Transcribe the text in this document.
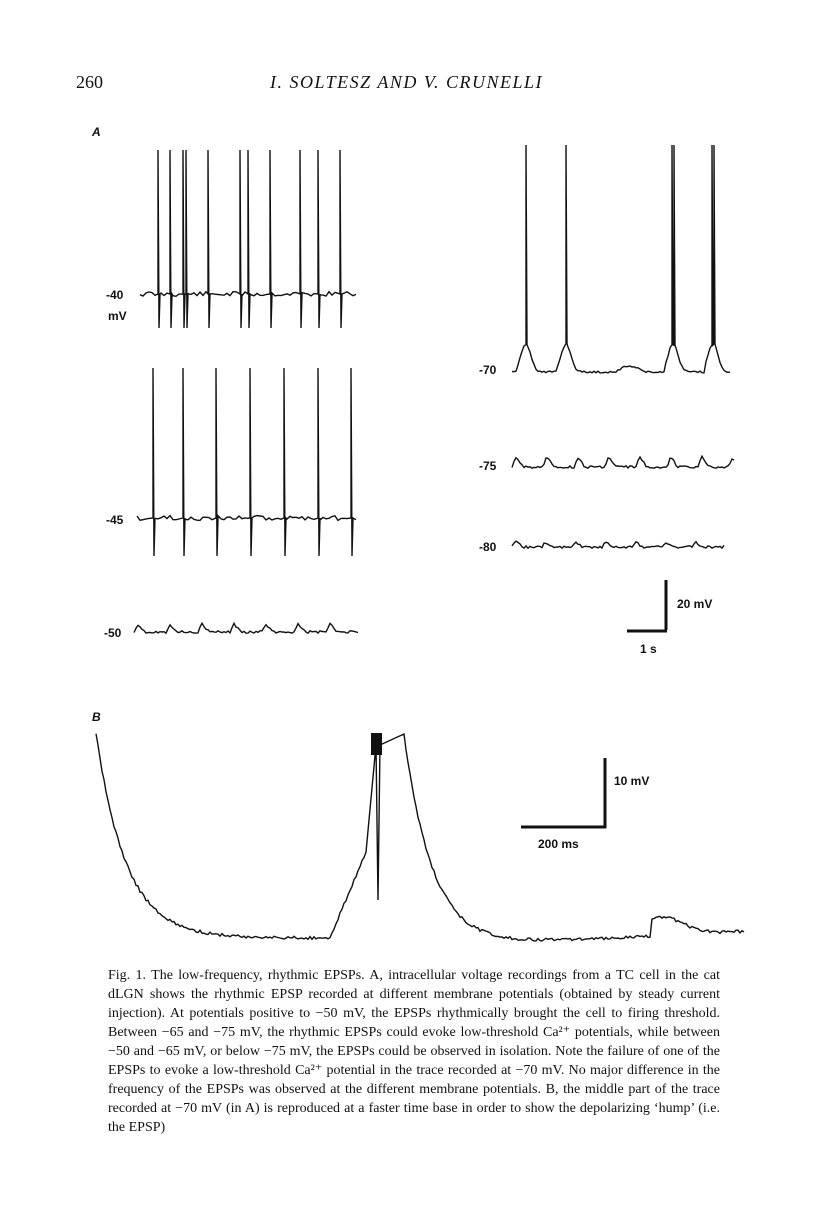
260	I. SOLTESZ AND V. CRUNELLI
A
B
-40
mV
-45
-50
-70
-75
-80
20 mV
1 s
10 mV
200 ms

Fig. 1. The low-frequency, rhythmic EPSPs. A, intracellular voltage recordings from a TC cell in the cat dLGN shows the rhythmic EPSP recorded at different membrane potentials (obtained by steady current injection). At potentials positive to −50 mV, the EPSPs rhythmically brought the cell to firing threshold. Between −65 and −75 mV, the rhythmic EPSPs could evoke low-threshold Ca²⁺ potentials, while between −50 and −65 mV, or below −75 mV, the EPSPs could be observed in isolation. Note the failure of one of the EPSPs to evoke a low-threshold Ca²⁺ potential in the trace recorded at −70 mV. No major difference in the frequency of the EPSPs was observed at the different membrane potentials. B, the middle part of the trace recorded at −70 mV (in A) is reproduced at a faster time base in order to show the depolarizing ‘hump’ (i.e. the EPSP)
